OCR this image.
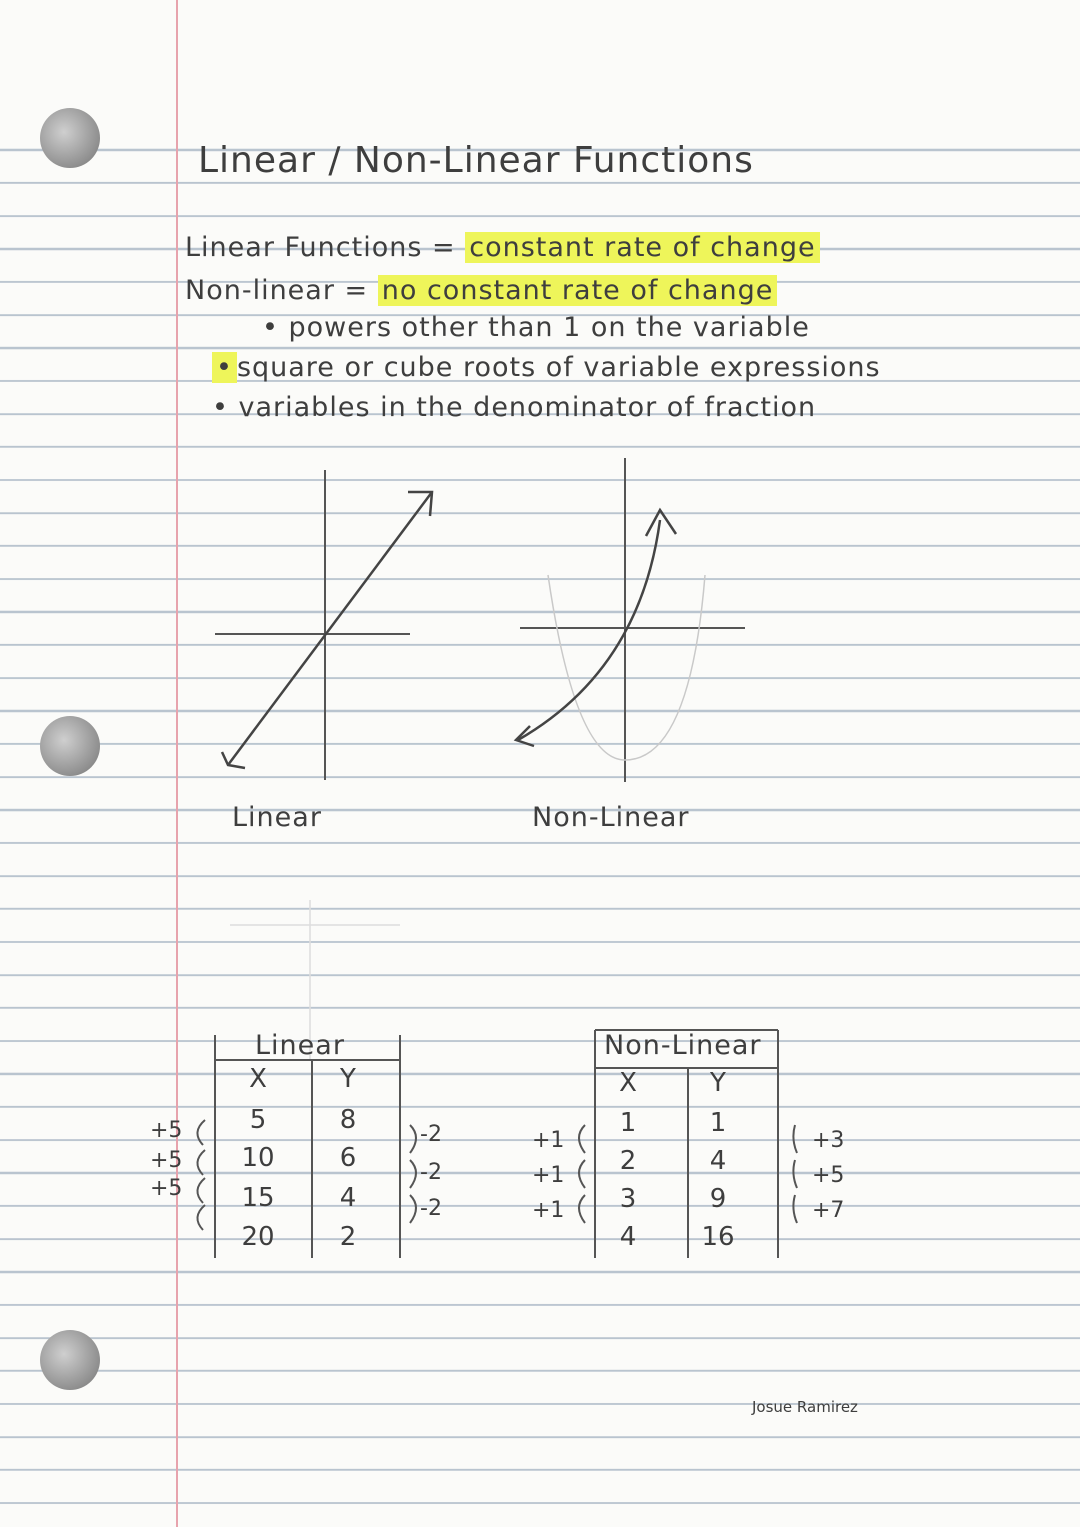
Linear / Non-Linear Functions
Linear Functions = constant rate of change
Non-linear = no constant rate of change
• powers other than 1 on the variable
• square or cube roots of variable expressions
• variables in the denominator of fraction
Linear	Non-Linear
Linear
X	Y
5	8
10	6
15	4
20	2
+5
+5
+5
-2
-2
-2
Non-Linear
X	Y
1	1
2	4
3	9
4	16
+1
+1
+1
+3
+5
+7
Josue Ramirez
